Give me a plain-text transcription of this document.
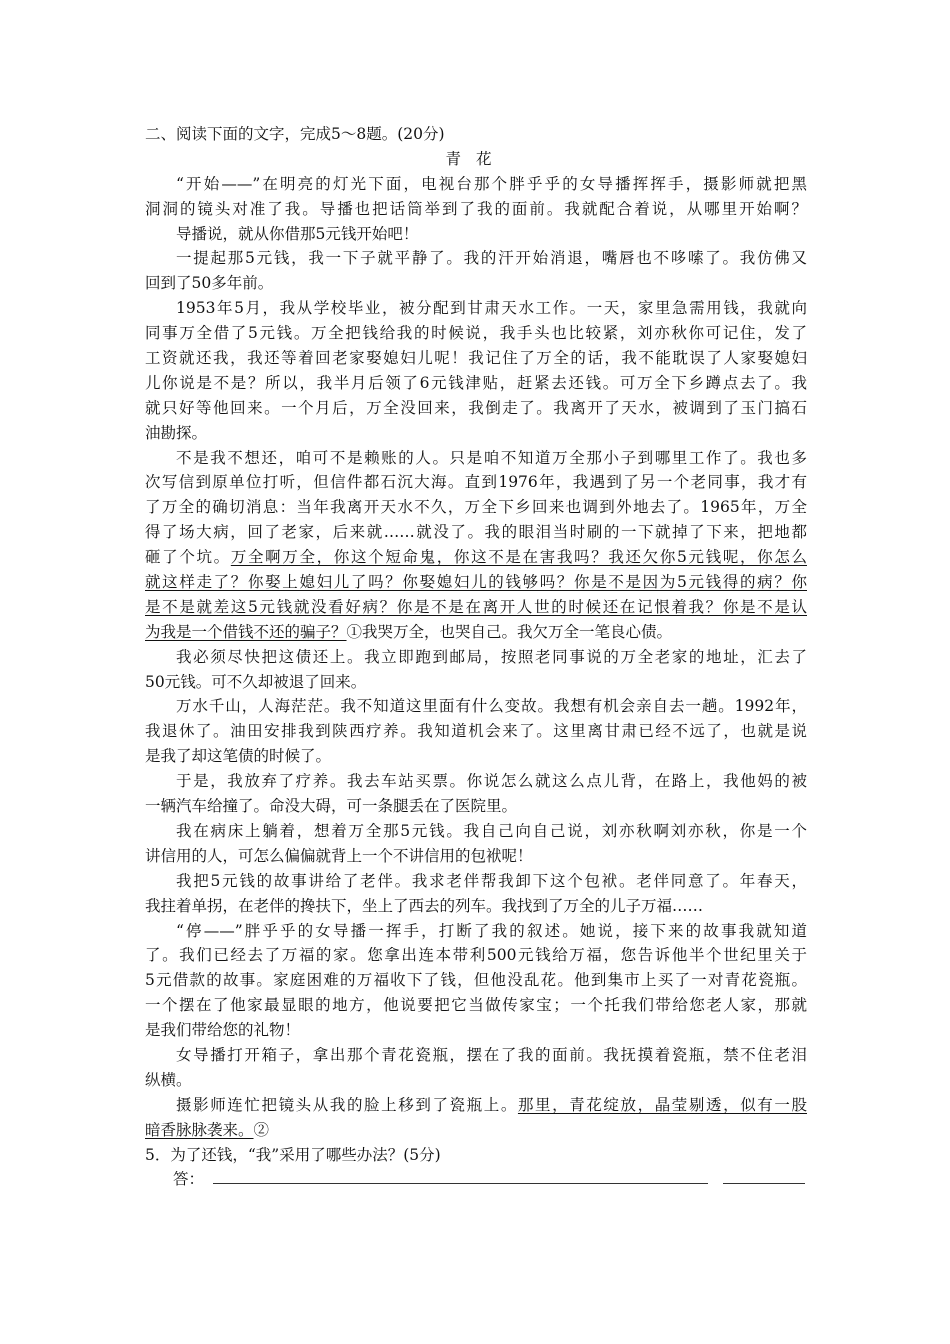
二、阅读下面的文字，完成5～8题。(20分)
青花
“开始——”在明亮的灯光下面，电视台那个胖乎乎的女导播挥挥手，摄影师就把黑
洞洞的镜头对准了我。导播也把话筒举到了我的面前。我就配合着说，从哪里开始啊？
导播说，就从你借那5元钱开始吧！
一提起那5元钱，我一下子就平静了。我的汗开始消退，嘴唇也不哆嗦了。我仿佛又
回到了50多年前。
1953年5月，我从学校毕业，被分配到甘肃天水工作。一天，家里急需用钱，我就向
同事万全借了5元钱。万全把钱给我的时候说，我手头也比较紧，刘亦秋你可记住，发了
工资就还我，我还等着回老家娶媳妇儿呢！我记住了万全的话，我不能耽误了人家娶媳妇
儿你说是不是？所以，我半月后领了6元钱津贴，赶紧去还钱。可万全下乡蹲点去了。我
就只好等他回来。一个月后，万全没回来，我倒走了。我离开了天水，被调到了玉门搞石
油勘探。
不是我不想还，咱可不是赖账的人。只是咱不知道万全那小子到哪里工作了。我也多
次写信到原单位打听，但信件都石沉大海。直到1976年，我遇到了另一个老同事，我才有
了万全的确切消息：当年我离开天水不久，万全下乡回来也调到外地去了。1965年，万全
得了场大病，回了老家，后来就……就没了。我的眼泪当时刷的一下就掉了下来，把地都
砸了个坑。万全啊万全，你这个短命鬼，你这不是在害我吗？我还欠你5元钱呢，你怎么
就这样走了？你娶上媳妇儿了吗？你娶媳妇儿的钱够吗？你是不是因为5元钱得的病？你
是不是就差这5元钱就没看好病？你是不是在离开人世的时候还在记恨着我？你是不是认
为我是一个借钱不还的骗子？①我哭万全，也哭自己。我欠万全一笔良心债。
我必须尽快把这债还上。我立即跑到邮局，按照老同事说的万全老家的地址，汇去了
50元钱。可不久却被退了回来。
万水千山，人海茫茫。我不知道这里面有什么变故。我想有机会亲自去一趟。1992年，
我退休了。油田安排我到陕西疗养。我知道机会来了。这里离甘肃已经不远了，也就是说
是我了却这笔债的时候了。
于是，我放弃了疗养。我去车站买票。你说怎么就这么点儿背，在路上，我他妈的被
一辆汽车给撞了。命没大碍，可一条腿丢在了医院里。
我在病床上躺着，想着万全那5元钱。我自己向自己说，刘亦秋啊刘亦秋，你是一个
讲信用的人，可怎么偏偏就背上一个不讲信用的包袱呢！
我把5元钱的故事讲给了老伴。我求老伴帮我卸下这个包袱。老伴同意了。年春天，
我拄着单拐，在老伴的搀扶下，坐上了西去的列车。我找到了万全的儿子万福……
“停——”胖乎乎的女导播一挥手，打断了我的叙述。她说，接下来的故事我就知道
了。我们已经去了万福的家。您拿出连本带利500元钱给万福，您告诉他半个世纪里关于
5元借款的故事。家庭困难的万福收下了钱，但他没乱花。他到集市上买了一对青花瓷瓶。
一个摆在了他家最显眼的地方，他说要把它当做传家宝；一个托我们带给您老人家，那就
是我们带给您的礼物！
女导播打开箱子，拿出那个青花瓷瓶，摆在了我的面前。我抚摸着瓷瓶，禁不住老泪
纵横。
摄影师连忙把镜头从我的脸上移到了瓷瓶上。那里，青花绽放，晶莹剔透，似有一股
暗香脉脉袭来。②
5．为了还钱，“我”采用了哪些办法？(5分)
答：
